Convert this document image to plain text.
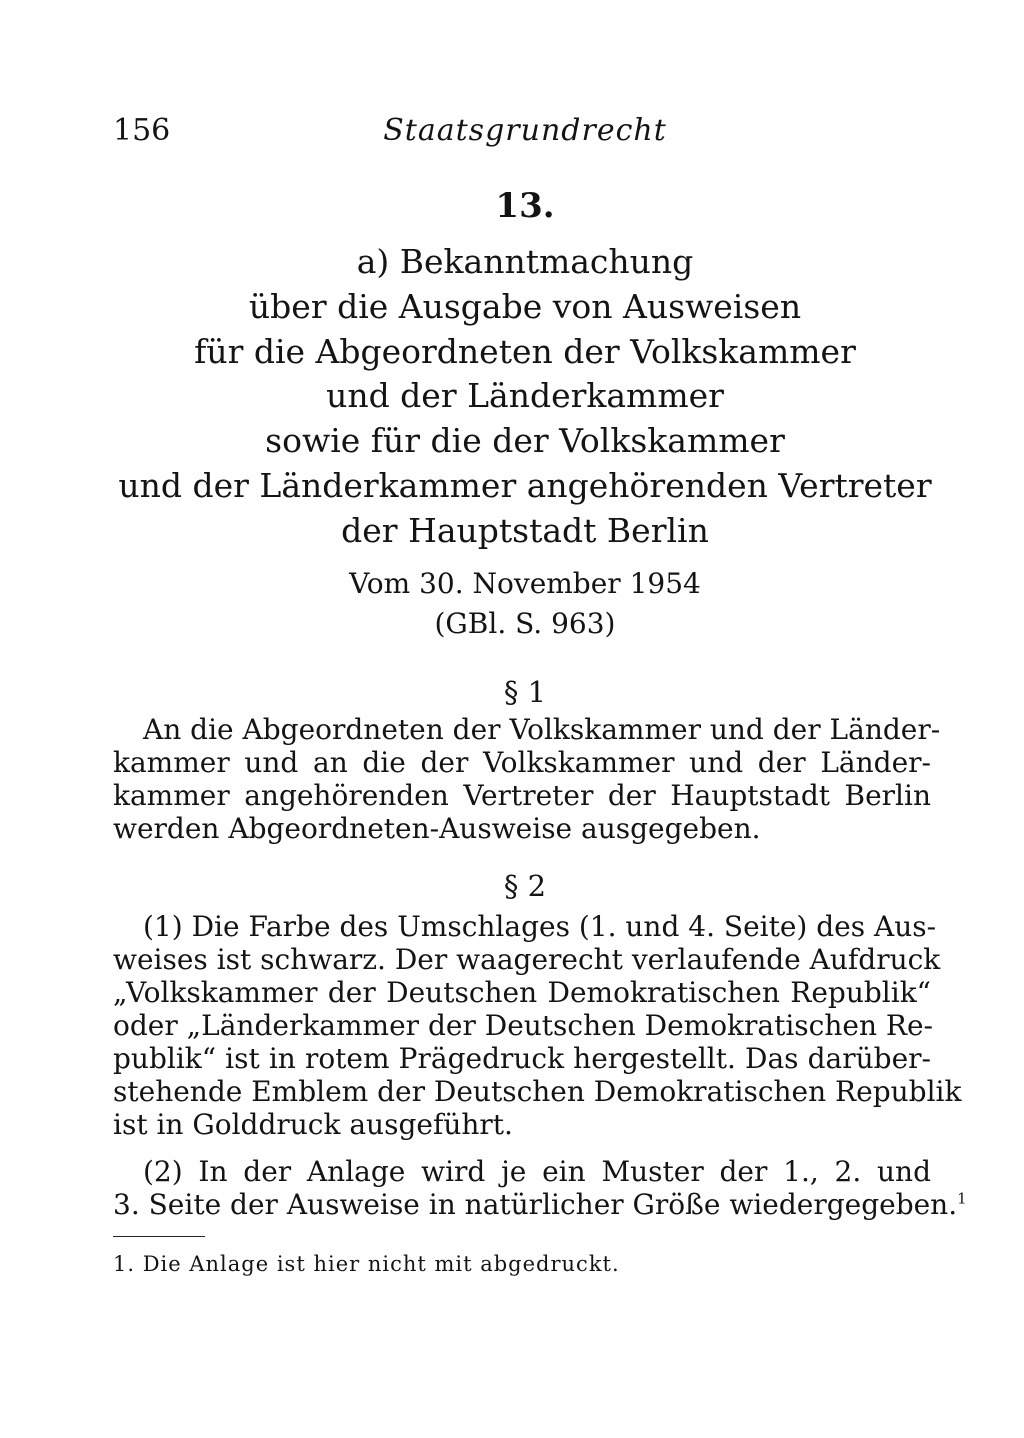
156	Staatsgrundrecht
13.
a) Bekanntmachung
über die Ausgabe von Ausweisen
für die Abgeordneten der Volkskammer
und der Länderkammer
sowie für die der Volkskammer
und der Länderkammer angehörenden Vertreter
der Hauptstadt Berlin
Vom 30. November 1954
(GBl. S. 963)
§ 1
An die Abgeordneten der Volkskammer und der Länder-
kammer und an die der Volkskammer und der Länder-
kammer angehörenden Vertreter der Hauptstadt Berlin
werden Abgeordneten-Ausweise ausgegeben.
§ 2
(1) Die Farbe des Umschlages (1. und 4. Seite) des Aus-
weises ist schwarz. Der waagerecht verlaufende Aufdruck
„Volkskammer der Deutschen Demokratischen Republik“
oder „Länderkammer der Deutschen Demokratischen Re-
publik“ ist in rotem Prägedruck hergestellt. Das darüber-
stehende Emblem der Deutschen Demokratischen Republik
ist in Golddruck ausgeführt.
(2) In der Anlage wird je ein Muster der 1., 2. und
3. Seite der Ausweise in natürlicher Größe wiedergegeben.$^1$
1. Die Anlage ist hier nicht mit abgedruckt.
